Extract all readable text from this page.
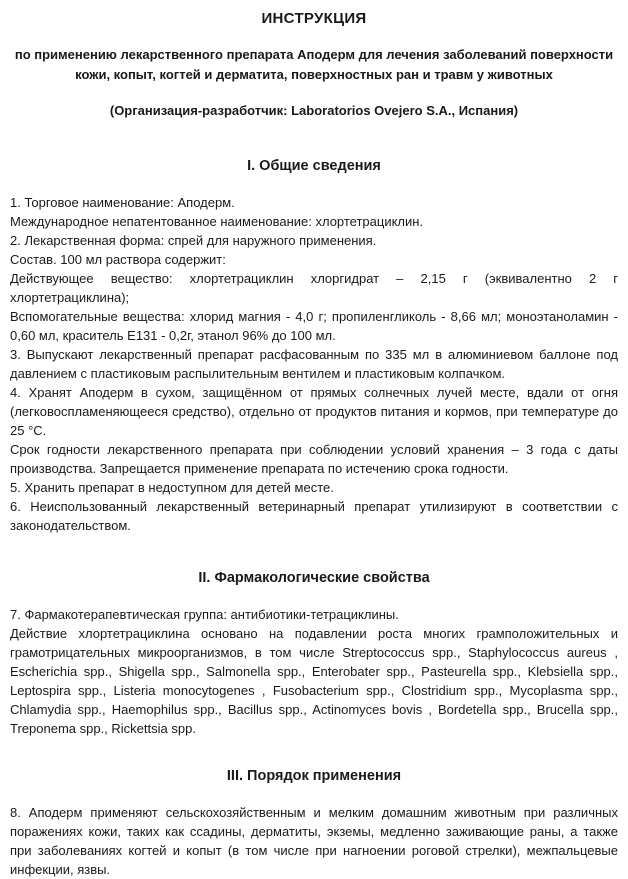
ИНСТРУКЦИЯ
по применению лекарственного препарата Аподерм для лечения заболеваний поверхности кожи, копыт, когтей и дерматита, поверхностных ран и травм у животных
(Организация-разработчик: Laboratorios Ovejero S.A., Испания)
I. Общие сведения

1. Торговое наименование: Аподерм.

Международное непатентованное наименование: хлортетрациклин.

2. Лекарственная форма: спрей для наружного применения.

Состав. 100 мл раствора содержит:

Действующее вещество: хлортетрациклин хлоргидрат – 2,15 г (эквивалентно 2 г хлортетрациклина);

Вспомогательные вещества: хлорид магния - 4,0 г; пропиленгликоль - 8,66 мл; моноэтаноламин - 0,60 мл, краситель E131 - 0,2г, этанол 96% до 100 мл.

3. Выпускают лекарственный препарат расфасованным по 335 мл в алюминиевом баллоне под давлением с пластиковым распылительным вентилем и пластиковым колпачком.

4. Хранят Аподерм в сухом, защищённом от прямых солнечных лучей месте, вдали от огня (легковоспламеняющееся средство), отдельно от продуктов питания и кормов, при температуре до 25 °С.

Срок годности лекарственного препарата при соблюдении условий хранения – 3 года с даты производства. Запрещается применение препарата по истечению срока годности.

5. Хранить препарат в недоступном для детей месте.

6. Неиспользованный лекарственный ветеринарный препарат утилизируют в соответствии с законодательством.

II. Фармакологические свойства

7. Фармакотерапевтическая группа: антибиотики-тетрациклины.

Действие хлортетрациклина основано на подавлении роста многих грамположительных и грамотрицательных микроорганизмов, в том числе Streptococcus spp., Staphylococcus aureus , Escherichia spp., Shigella spp., Salmonella spp., Enterobater spp., Pasteurella spp., Klebsiella spp., Leptospira spp., Listeria monocytogenes , Fusobacterium spp., Clostridium spp., Mycoplasma spp., Chlamydia spp., Haemophilus spp., Bacillus spp., Actinomyces bovis , Bordetella spp., Brucella spp., Treponema spp., Rickettsia spp.

III. Порядок применения

8. Аподерм применяют сельскохозяйственным и мелким домашним животным при различных поражениях кожи, таких как ссадины, дерматиты, экземы, медленно заживающие раны, а также при заболеваниях когтей и копыт (в том числе при нагноении роговой стрелки), межпальцевые инфекции, язвы.
